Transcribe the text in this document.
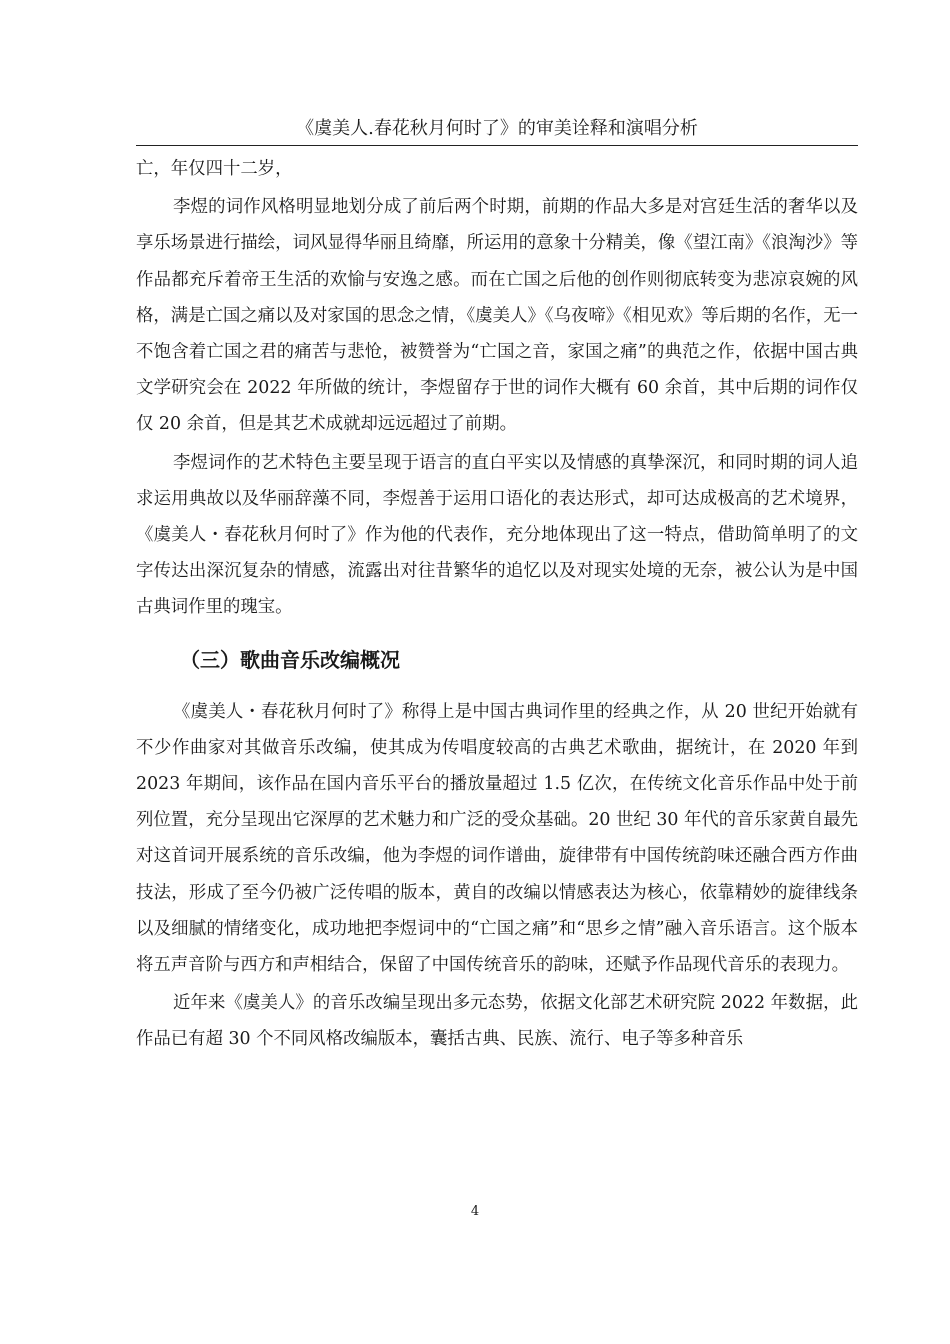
《虞美人.春花秋月何时了》的审美诠释和演唱分析

亡，年仅四十二岁，

李煜的词作风格明显地划分成了前后两个时期，前期的作品大多是对宫廷生活的奢华以及享乐场景进行描绘，词风显得华丽且绮靡，所运用的意象十分精美，像《望江南》《浪淘沙》等作品都充斥着帝王生活的欢愉与安逸之感。而在亡国之后他的创作则彻底转变为悲凉哀婉的风格，满是亡国之痛以及对家国的思念之情，《虞美人》《乌夜啼》《相见欢》等后期的名作，无一不饱含着亡国之君的痛苦与悲怆，被赞誉为“亡国之音，家国之痛”的典范之作，依据中国古典文学研究会在 2022 年所做的统计，李煜留存于世的词作大概有 60 余首，其中后期的词作仅仅 20 余首，但是其艺术成就却远远超过了前期。

李煜词作的艺术特色主要呈现于语言的直白平实以及情感的真挚深沉，和同时期的词人追求运用典故以及华丽辞藻不同，李煜善于运用口语化的表达形式，却可达成极高的艺术境界，《虞美人・春花秋月何时了》作为他的代表作，充分地体现出了这一特点，借助简单明了的文字传达出深沉复杂的情感，流露出对往昔繁华的追忆以及对现实处境的无奈，被公认为是中国古典词作里的瑰宝。

（三）歌曲音乐改编概况

《虞美人・春花秋月何时了》称得上是中国古典词作里的经典之作，从 20 世纪开始就有不少作曲家对其做音乐改编，使其成为传唱度较高的古典艺术歌曲，据统计，在 2020 年到 2023 年期间，该作品在国内音乐平台的播放量超过 1.5 亿次，在传统文化音乐作品中处于前列位置，充分呈现出它深厚的艺术魅力和广泛的受众基础。20 世纪 30 年代的音乐家黄自最先对这首词开展系统的音乐改编，他为李煜的词作谱曲，旋律带有中国传统韵味还融合西方作曲技法，形成了至今仍被广泛传唱的版本，黄自的改编以情感表达为核心，依靠精妙的旋律线条以及细腻的情绪变化，成功地把李煜词中的“亡国之痛”和“思乡之情”融入音乐语言。这个版本将五声音阶与西方和声相结合，保留了中国传统音乐的韵味，还赋予作品现代音乐的表现力。

近年来《虞美人》的音乐改编呈现出多元态势，依据文化部艺术研究院 2022 年数据，此作品已有超 30 个不同风格改编版本，囊括古典、民族、流行、电子等多种音乐

4
